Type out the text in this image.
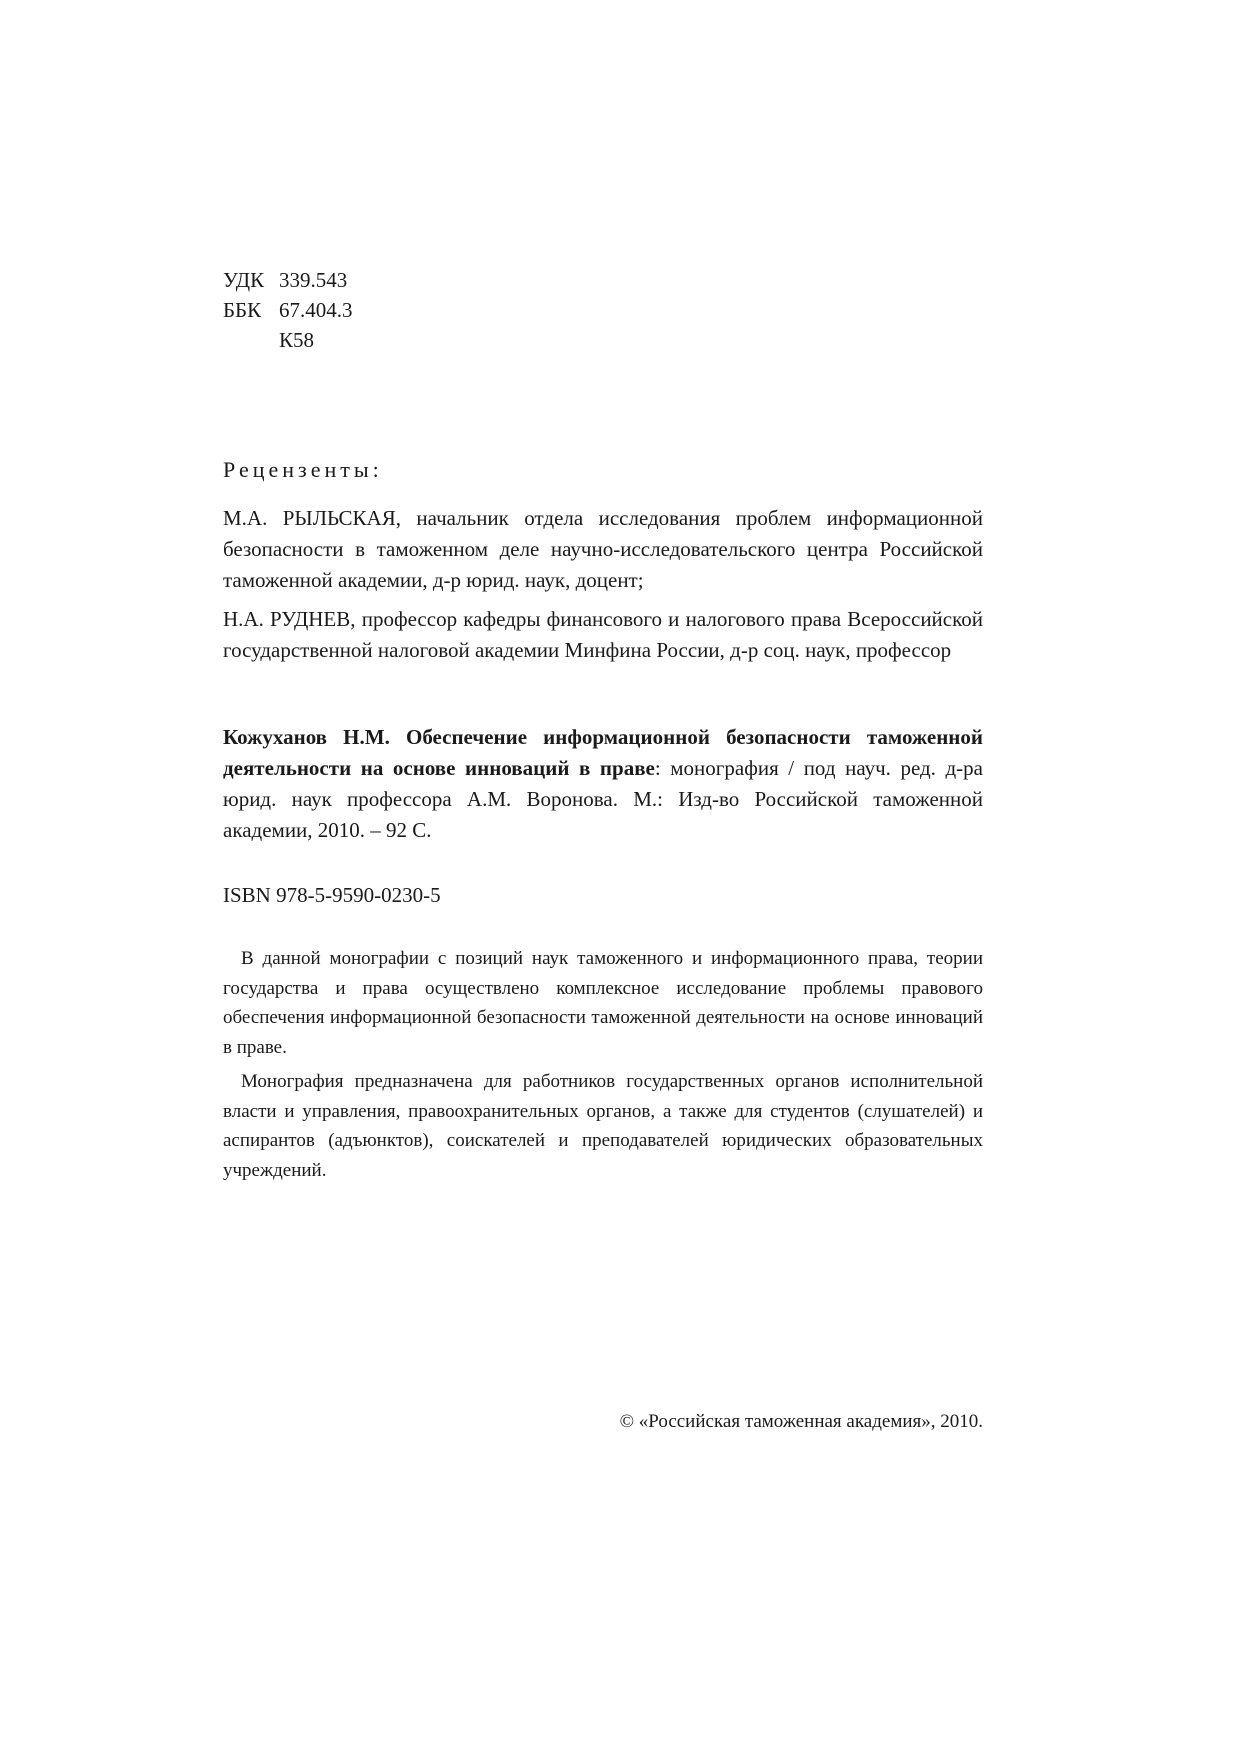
УДК 339.543
ББК 67.404.3
К58
Рецензенты:

М.А. РЫЛЬСКАЯ, начальник отдела исследования проблем информационной безопасности в таможенном деле научно-исследовательского центра Российской таможенной академии, д-р юрид. наук, доцент;

Н.А. РУДНЕВ, профессор кафедры финансового и налогового права Всероссийской государственной налоговой академии Минфина России, д-р соц. наук, профессор

Кожуханов Н.М. Обеспечение информационной безопасности таможенной деятельности на основе инноваций в праве: монография / под науч. ред. д-ра юрид. наук профессора А.М. Воронова. М.: Изд-во Российской таможенной академии, 2010. – 92 С.

ISBN 978-5-9590-0230-5

В данной монографии с позиций наук таможенного и информационного права, теории государства и права осуществлено комплексное исследование проблемы правового обеспечения информационной безопасности таможенной деятельности на основе инноваций в праве.

Монография предназначена для работников государственных органов исполнительной власти и управления, правоохранительных органов, а также для студентов (слушателей) и аспирантов (адъюнктов), соискателей и преподавателей юридических образовательных учреждений.

© «Российская таможенная академия», 2010.
